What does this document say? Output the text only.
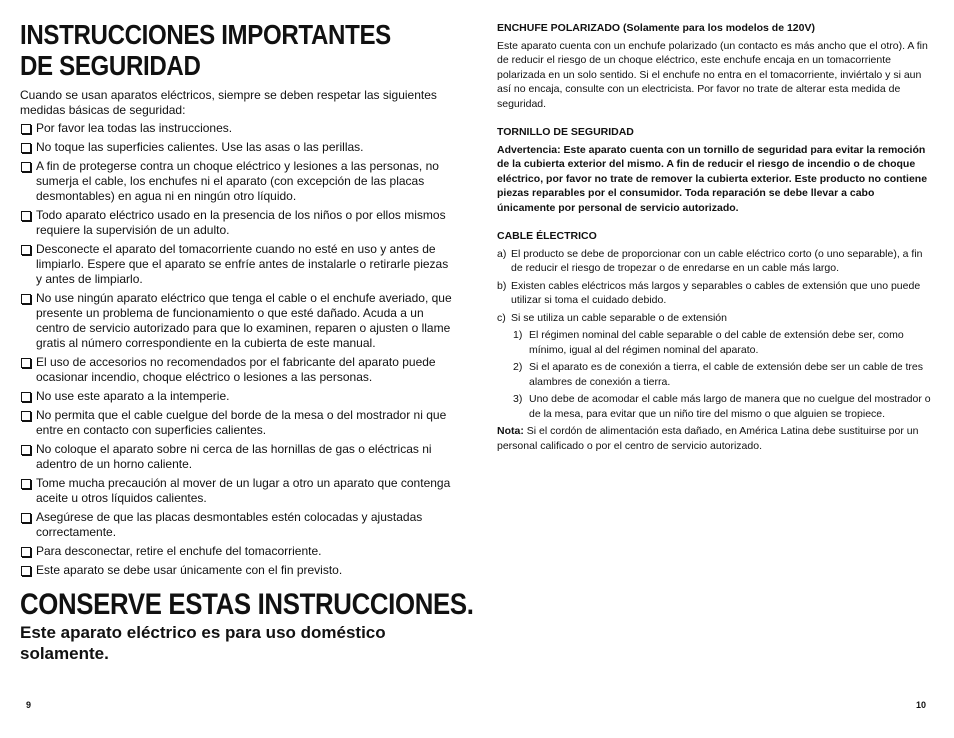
INSTRUCCIONES IMPORTANTES
DE SEGURIDAD
Cuando se usan aparatos eléctricos, siempre se deben respetar las siguientes medidas básicas de seguridad:
Por favor lea todas las instrucciones.
No toque las superficies calientes. Use las asas o las perillas.
A fin de protegerse contra un choque eléctrico y lesiones a las personas, no sumerja el cable, los enchufes ni el aparato (con excepción de las placas desmontables) en agua ni en ningún otro líquido.
Todo aparato eléctrico usado en la presencia de los niños o por ellos mismos requiere la supervisión de un adulto.
Desconecte el aparato del tomacorriente cuando no esté en uso y antes de limpiarlo. Espere que el aparato se enfríe antes de instalarle o retirarle piezas y antes de limpiarlo.
No use ningún aparato eléctrico que tenga el cable o el enchufe averiado, que presente un problema de funcionamiento o que esté dañado. Acuda a un centro de servicio autorizado para que lo examinen, reparen o ajusten o llame gratis al número correspondiente en la cubierta de este manual.
El uso de accesorios no recomendados por el fabricante del aparato puede ocasionar incendio, choque eléctrico o lesiones a las personas.
No use este aparato a la intemperie.
No permita que el cable cuelgue del borde de la mesa o del mostrador ni que entre en contacto con superficies calientes.
No coloque el aparato sobre ni cerca de las hornillas de gas o eléctricas ni adentro de un horno caliente.
Tome mucha precaución al mover de un lugar a otro un aparato que contenga aceite u otros líquidos calientes.
Asegúrese de que las placas desmontables estén colocadas y ajustadas correctamente.
Para desconectar, retire el enchufe del tomacorriente.
Este aparato se debe usar únicamente con el fin previsto.
CONSERVE ESTAS INSTRUCCIONES.
Este aparato eléctrico es para uso doméstico solamente.
9
ENCHUFE POLARIZADO (Solamente para los modelos de 120V)
Este aparato cuenta con un enchufe polarizado (un contacto es más ancho que el otro). A fin de reducir el riesgo de un choque eléctrico, este enchufe encaja en un tomacorriente polarizada en un solo sentido. Si el enchufe no entra en el tomacorriente, inviértalo y si aun así no encaja, consulte con un electricista. Por favor no trate de alterar esta medida de seguridad.
TORNILLO DE SEGURIDAD
Advertencia: Este aparato cuenta con un tornillo de seguridad para evitar la remoción de la cubierta exterior del mismo. A fin de reducir el riesgo de incendio o de choque eléctrico, por favor no trate de remover la cubierta exterior. Este producto no contiene piezas reparables por el consumidor. Toda reparación se debe llevar a cabo únicamente por personal de servicio autorizado.
CABLE ÉLECTRICO
a) El producto se debe de proporcionar con un cable eléctrico corto (o uno separable), a fin de reducir el riesgo de tropezar o de enredarse en un cable más largo.
b) Existen cables eléctricos más largos y separables o cables de extensión que uno puede utilizar si toma el cuidado debido.
c) Si se utiliza un cable separable o de extensión
1) El régimen nominal del cable separable o del cable de extensión debe ser, como mínimo, igual al del régimen nominal del aparato.
2) Si el aparato es de conexión a tierra, el cable de extensión debe ser un cable de tres alambres de conexión a tierra.
3) Uno debe de acomodar el cable más largo de manera que no cuelgue del mostrador o de la mesa, para evitar que un niño tire del mismo o que alguien se tropiece.
Nota: Si el cordón de alimentación esta dañado, en América Latina debe sustituirse por un personal calificado o por el centro de servicio autorizado.
10
